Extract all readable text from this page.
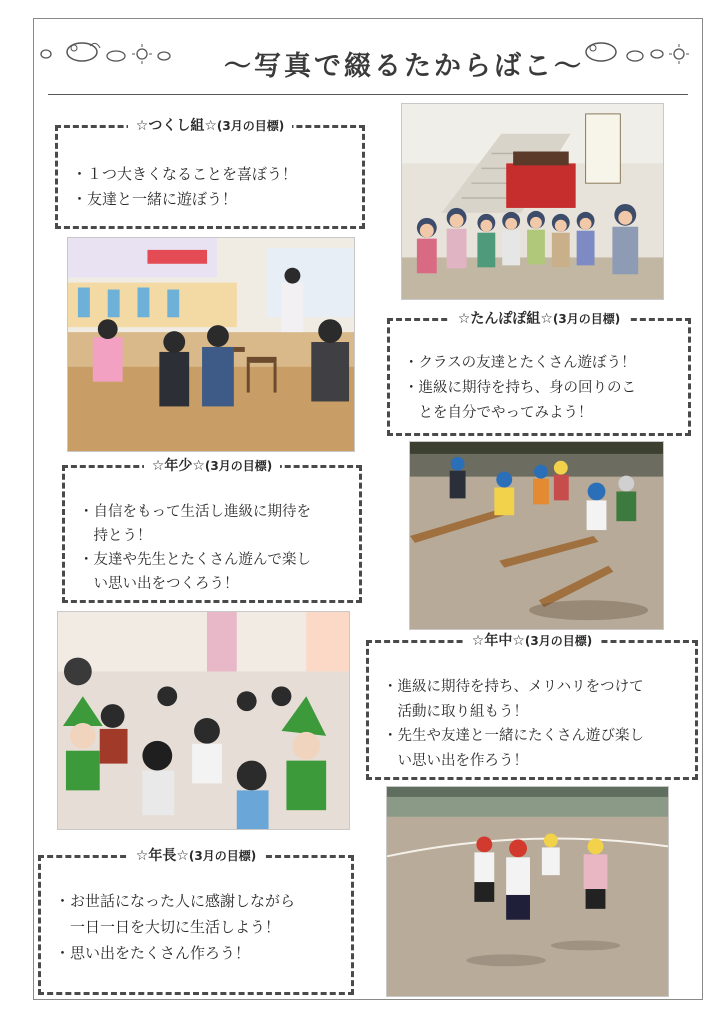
〜写真で綴るたからばこ〜
☆つくし組☆(3月の目標)
・１つ大きくなることを喜ぼう！
・友達と一緒に遊ぼう！
☆たんぽぽ組☆(3月の目標)
・クラスの友達とたくさん遊ぼう！
・進級に期待を持ち、身の回りのこ
　とを自分でやってみよう！
☆年少☆(3月の目標)
・自信をもって生活し進級に期待を
　持とう！
・友達や先生とたくさん遊んで楽し
　い思い出をつくろう！
☆年中☆(3月の目標)
・進級に期待を持ち、メリハリをつけて
　活動に取り組もう！
・先生や友達と一緒にたくさん遊び楽し
　い思い出を作ろう！
☆年長☆(3月の目標)
・お世話になった人に感謝しながら
　一日一日を大切に生活しよう！
・思い出をたくさん作ろう！
